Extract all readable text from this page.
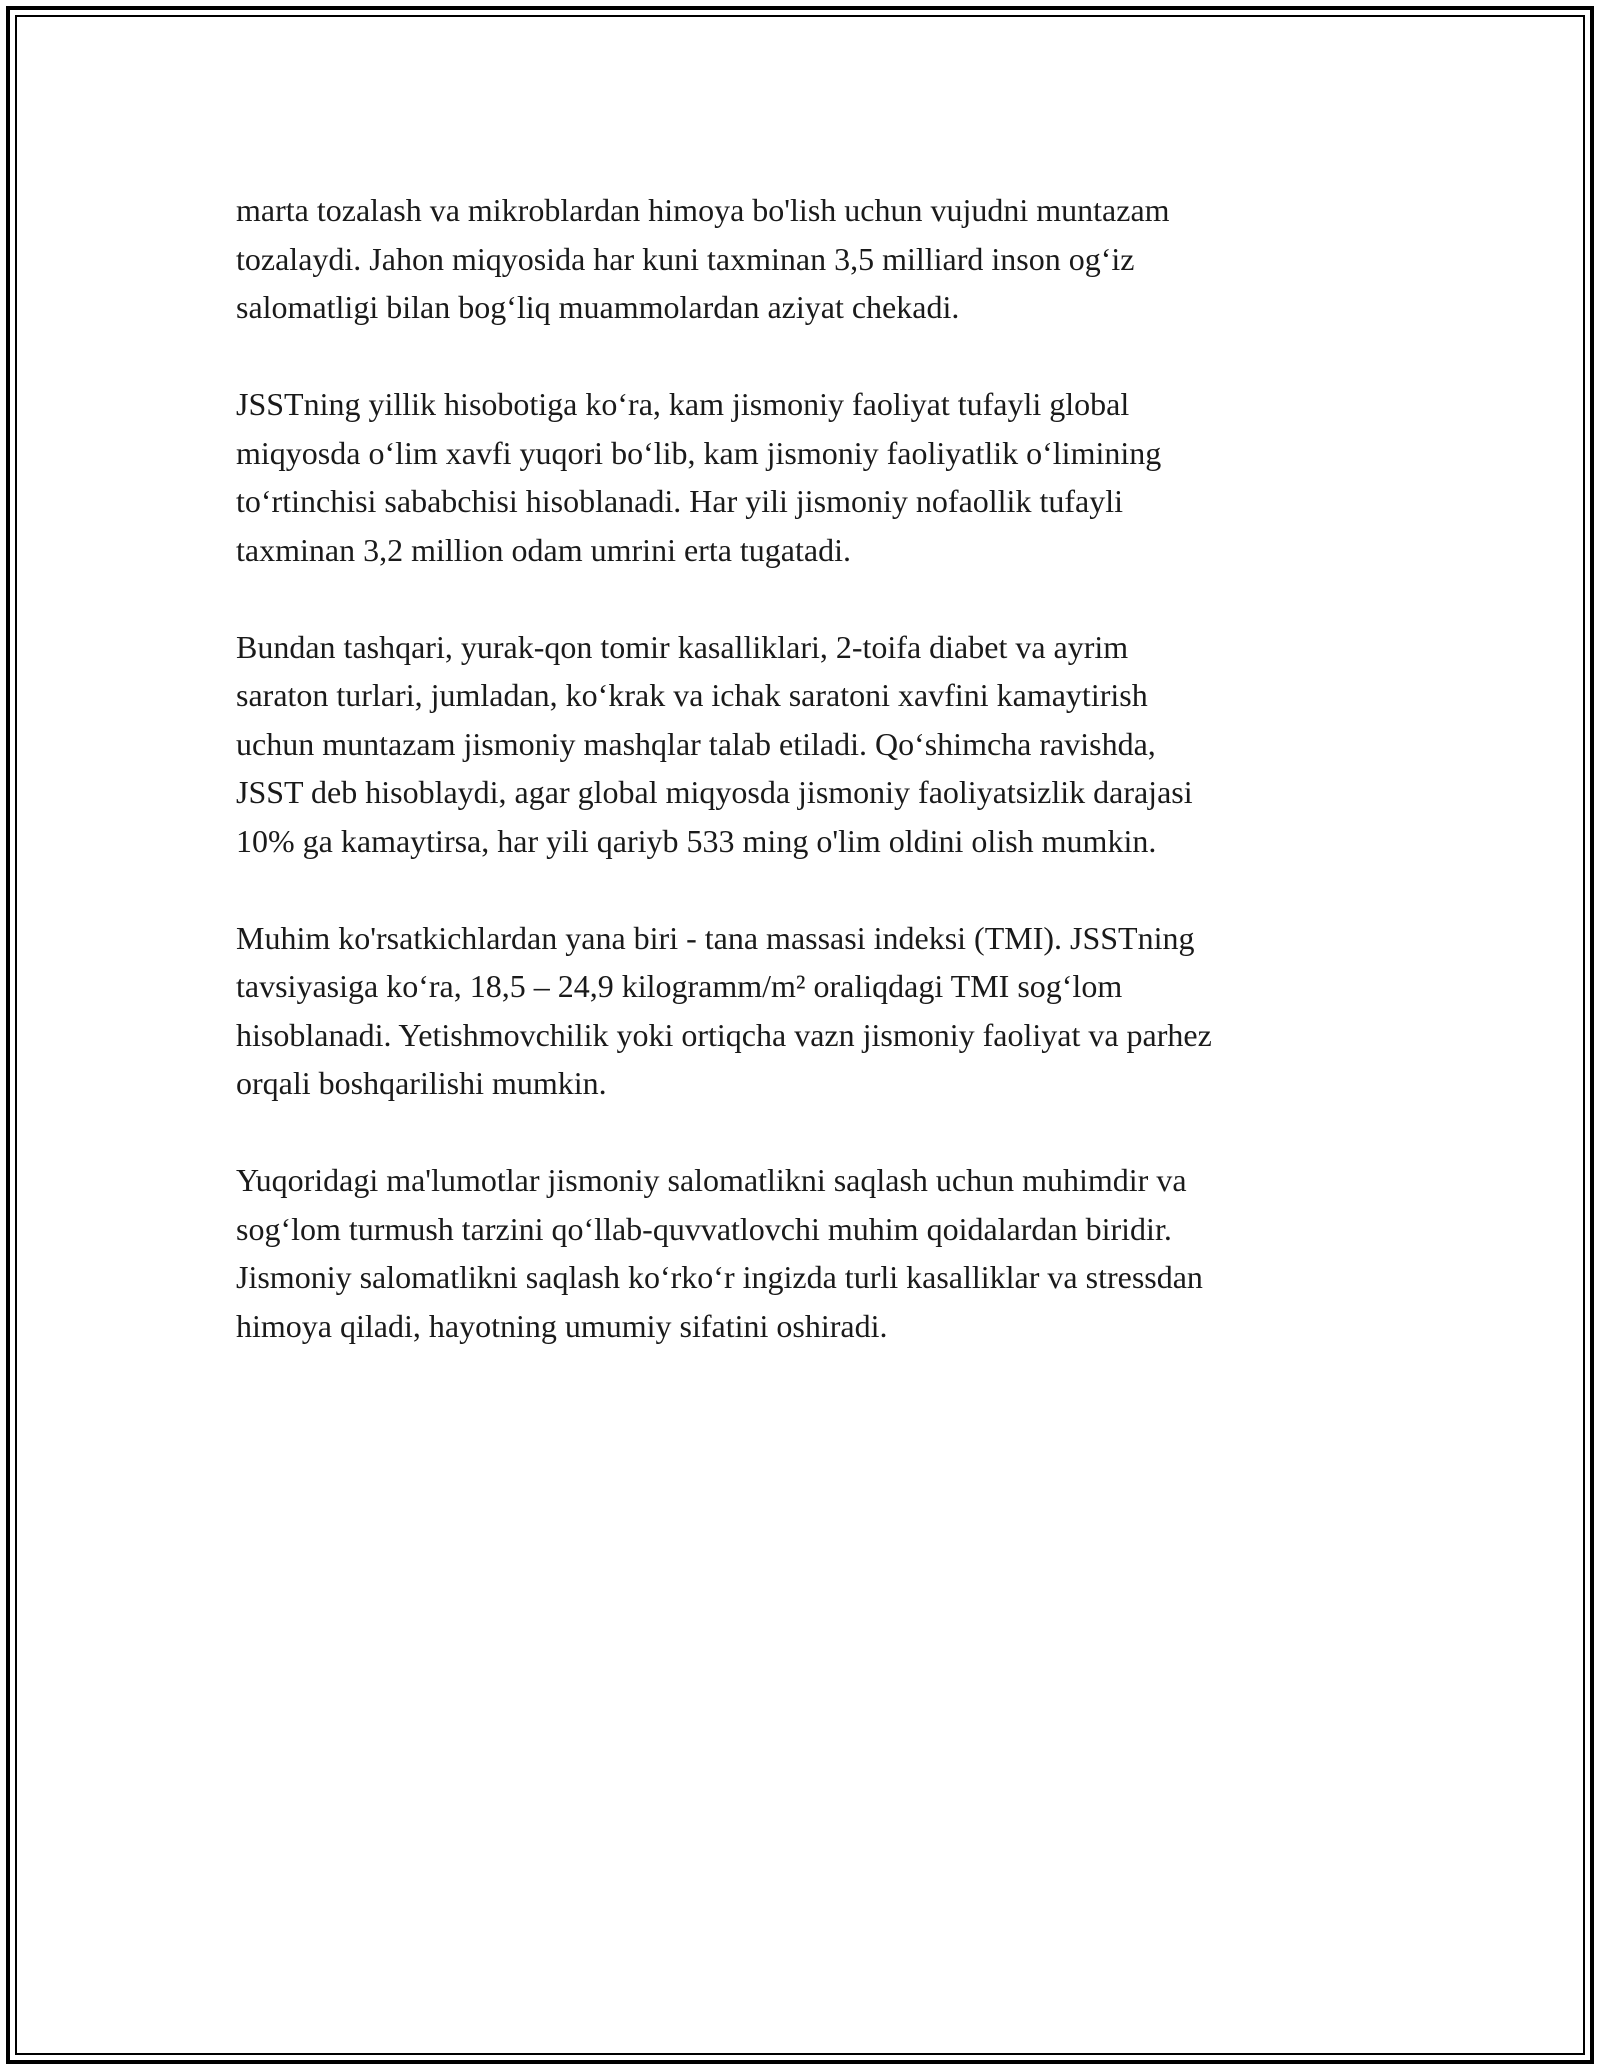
marta tozalash va mikroblardan himoya bo'lish uchun vujudni muntazam
tozalaydi. Jahon miqyosida har kuni taxminan 3,5 milliard inson og‘iz
salomatligi bilan bog‘liq muammolardan aziyat chekadi.

JSSTning yillik hisobotiga ko‘ra, kam jismoniy faoliyat tufayli global
miqyosda o‘lim xavfi yuqori bo‘lib, kam jismoniy faoliyatlik o‘limining
to‘rtinchisi sababchisi hisoblanadi. Har yili jismoniy nofaollik tufayli
taxminan 3,2 million odam umrini erta tugatadi.

Bundan tashqari, yurak-qon tomir kasalliklari, 2-toifa diabet va ayrim
saraton turlari, jumladan, ko‘krak va ichak saratoni xavfini kamaytirish
uchun muntazam jismoniy mashqlar talab etiladi. Qo‘shimcha ravishda,
JSST deb hisoblaydi, agar global miqyosda jismoniy faoliyatsizlik darajasi
10% ga kamaytirsa, har yili qariyb 533 ming o'lim oldini olish mumkin.

Muhim ko'rsatkichlardan yana biri - tana massasi indeksi (TMI). JSSTning
tavsiyasiga ko‘ra, 18,5 – 24,9 kilogramm/m² oraliqdagi TMI sog‘lom
hisoblanadi. Yetishmovchilik yoki ortiqcha vazn jismoniy faoliyat va parhez
orqali boshqarilishi mumkin.

Yuqoridagi ma'lumotlar jismoniy salomatlikni saqlash uchun muhimdir va
sog‘lom turmush tarzini qo‘llab-quvvatlovchi muhim qoidalardan biridir.
Jismoniy salomatlikni saqlash ko‘rko‘r ingizda turli kasalliklar va stressdan
himoya qiladi, hayotning umumiy sifatini oshiradi.
